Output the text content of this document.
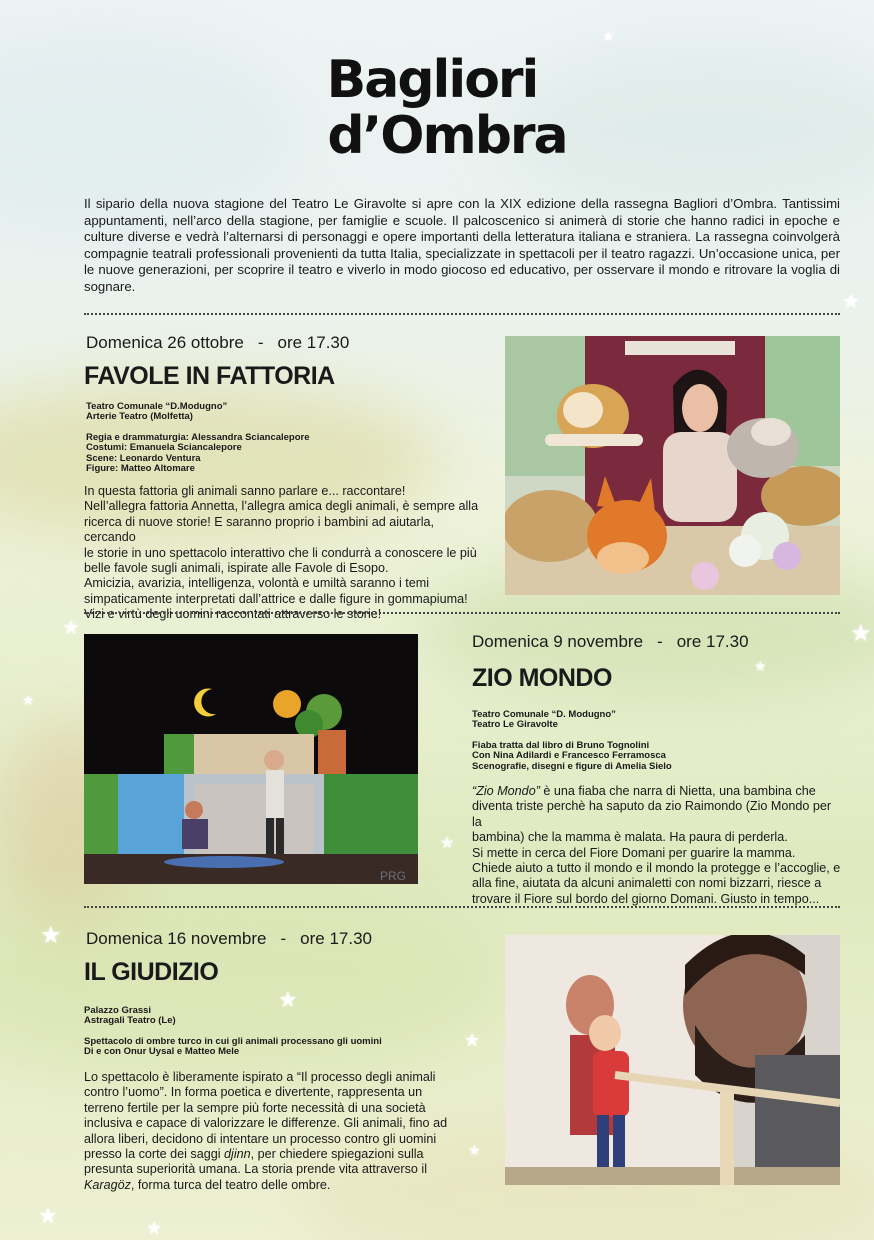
★
★
★
★
★
★
★
★
★	★
★
★
★
Bagliori
d’Ombra

Il sipario della nuova stagione del Teatro Le Giravolte si apre con la XIX edizione della rassegna Bagliori d’Ombra. Tantissimi appuntamenti, nell’arco della stagione, per famiglie e scuole. Il palcoscenico si animerà di storie che hanno radici in epoche e culture diverse e vedrà l’alternarsi di personaggi e opere importanti della letteratura italiana e straniera. La rassegna coinvolgerà compagnie teatrali professionali provenienti da tutta Italia, specializzate in spettacoli per il teatro ragazzi. Un’occasione unica, per le nuove generazioni, per scoprire il teatro e viverlo in modo giocoso ed educativo, per osservare il mondo e ritrovare la voglia di sognare.

Domenica 26 ottobre - ore 17.30
FAVOLE IN FATTORIA
Teatro Comunale “D.Modugno”
Arterie Teatro (Molfetta)
Regia e drammaturgia: Alessandra Sciancalepore
Costumi: Emanuela Sciancalepore
Scene: Leonardo Ventura
Figure: Matteo Altomare
In questa fattoria gli animali sanno parlare e... raccontare!
Nell’allegra fattoria Annetta, l’allegra amica degli animali, è sempre alla
ricerca di nuove storie! E saranno proprio i bambini ad aiutarla, cercando
le storie in uno spettacolo interattivo che li condurrà a conoscere le più
belle favole sugli animali, ispirate alle Favole di Esopo.
Amicizia, avarizia, intelligenza, volontà e umiltà saranno i temi
simpaticamente interpretati dall’attrice e dalle figure in gommapiuma!
Vizi e virtù degli uomini raccontati attraverso le storie!
PRG
Domenica 9 novembre - ore 17.30
ZIO MONDO
Teatro Comunale “D. Modugno”
Teatro Le Giravolte
Fiaba tratta dal libro di Bruno Tognolini
Con Nina Adilardi e Francesco Ferramosca
Scenografie, disegni e figure di Amelia Sielo
“Zio Mondo” è una fiaba che narra di Nietta, una bambina che
diventa triste perchè ha saputo da zio Raimondo (Zio Mondo per la
bambina) che la mamma è malata. Ha paura di perderla.
Si mette in cerca del Fiore Domani per guarire la mamma.
Chiede aiuto a tutto il mondo e il mondo la protegge e l’accoglie, e
alla fine, aiutata da alcuni animaletti con nomi bizzarri, riesce a
trovare il Fiore sul bordo del giorno Domani. Giusto in tempo...
Domenica 16 novembre - ore 17.30
IL GIUDIZIO
Palazzo Grassi
Astragali Teatro (Le)
Spettacolo di ombre turco in cui gli animali processano gli uomini
Di e con Onur Uysal e Matteo Mele
Lo spettacolo è liberamente ispirato a “Il processo degli animali
contro l’uomo”. In forma poetica e divertente, rappresenta un
terreno fertile per la sempre più forte necessità di una società
inclusiva e capace di valorizzare le differenze. Gli animali, fino ad
allora liberi, decidono di intentare un processo contro gli uomini
presso la corte dei saggi djinn, per chiedere spiegazioni sulla
presunta superiorità umana. La storia prende vita attraverso il
Karagöz, forma turca del teatro delle ombre.
